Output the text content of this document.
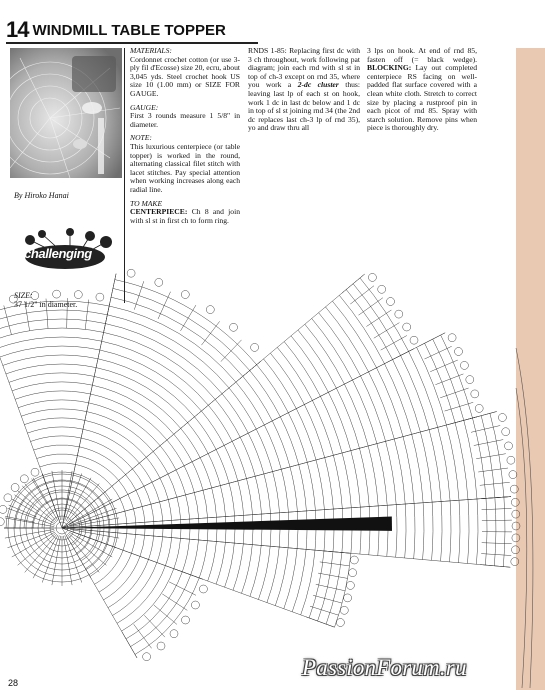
14 WINDMILL TABLE TOPPER
By Hiroko Hanai
challenging
MATERIALS:
Cordonnet crochet cotton (or use 3-ply fil d'Ecosse) size 20, ecru, about 3,045 yds. Steel crochet hook US size 10 (1.00 mm) or SIZE FOR GAUGE.
GAUGE:
First 3 rounds measure 1 5/8" in diameter.
NOTE:
This luxurious centerpiece (or table topper) is worked in the round, alternating classical filet stitch with lacet stitches. Pay special attention when working increases along each radial line.
TO MAKE
CENTERPIECE: Ch 8 and join with sl st in first ch to form ring.
RNDS 1-85: Replacing first dc with 3 ch throughout, work following pat diagram; join each rnd with sl st in top of ch-3 except on rnd 35, where you work a 2-dc cluster thus: leaving last lp of each st on hook, work 1 dc in last dc below and 1 dc in top of sl st joining rnd 34 (the 2nd dc replaces last ch-3 lp of rnd 35), yo and draw thru all
3 lps on hook. At end of rnd 85, fasten off (= black wedge). BLOCKING: Lay out completed centerpiece RS facing on well-padded flat surface covered with a clean white cloth. Stretch to correct size by placing a rustproof pin in each picot of rnd 85. Spray with starch solution. Remove pins when piece is thoroughly dry.
SIZE:
37 1/2" in diameter.
28
PassionForum.ru
